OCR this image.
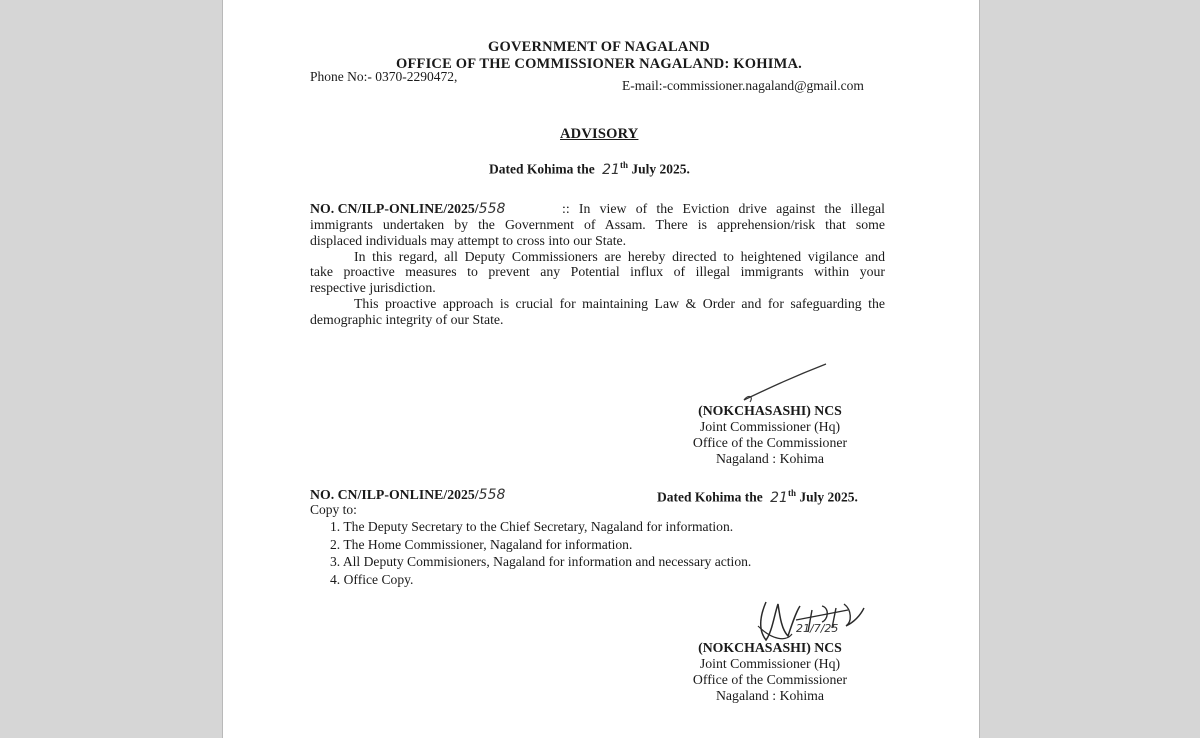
GOVERNMENT OF NAGALAND
OFFICE OF THE COMMISSIONER NAGALAND: KOHIMA.
Phone No:- 0370-2290472,
E-mail:-commissioner.nagaland@gmail.com
ADVISORY
Dated Kohima the 21th July 2025.
NO. CN/ILP-ONLINE/2025/558	:: In view of the Eviction drive against the illegal
immigrants undertaken by the Government of Assam. There is apprehension/risk that some
displaced individuals may attempt to cross into our State.
In this regard, all Deputy Commissioners are hereby directed to heightened vigilance and
take proactive measures to prevent any Potential influx of illegal immigrants within your
respective jurisdiction.
This proactive approach is crucial for maintaining Law & Order and for safeguarding the
demographic integrity of our State.
(NOKCHASASHI) NCS
Joint Commissioner (Hq)
Office of the Commissioner
Nagaland : Kohima
NO. CN/ILP-ONLINE/2025/558	Dated Kohima the 21th July 2025.
Copy to:
1. The Deputy Secretary to the Chief Secretary, Nagaland for information.
2. The Home Commissioner, Nagaland for information.
3. All Deputy Commisioners, Nagaland for information and necessary action.
4. Office Copy.
21/7/25
(NOKCHASASHI) NCS
Joint Commissioner (Hq)
Office of the Commissioner
Nagaland : Kohima
